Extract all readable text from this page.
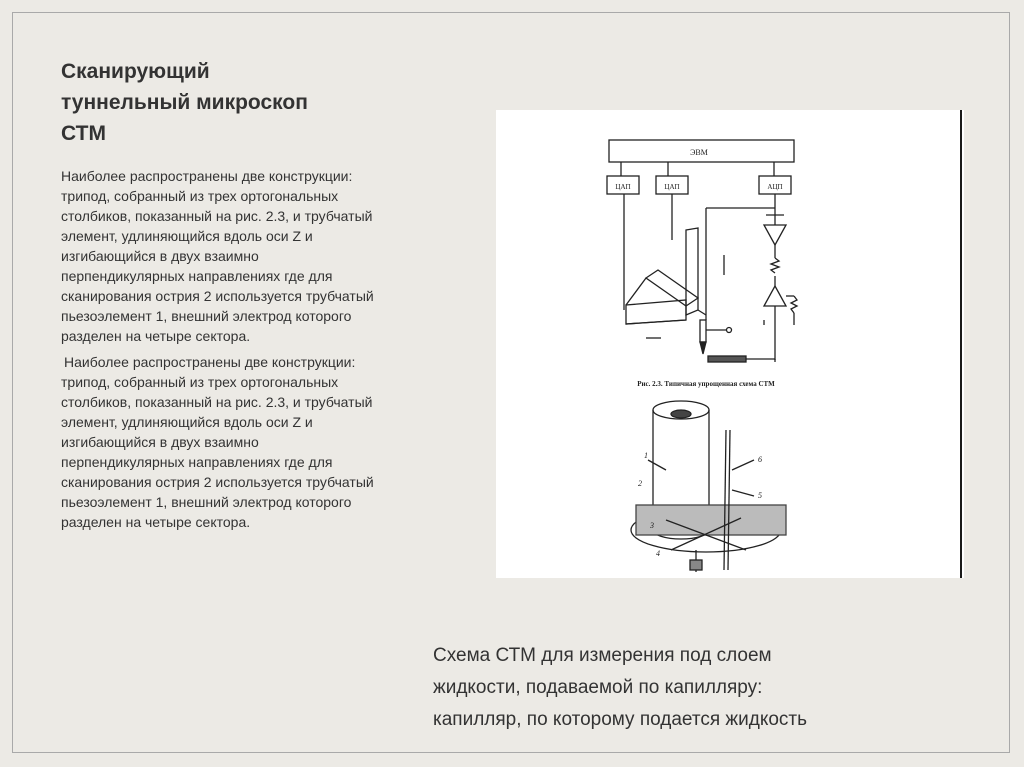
Сканирующий
туннельный микроскоп
СТМ

Наиболее распространены две конструкции: трипод, собранный из трех ортогональных столбиков, показанный на рис. 2.3, и трубчатый элемент, удлиняющийся вдоль оси Z и изгибающийся в двух взаимно перпендикулярных направлениях где для сканирования острия 2 используется трубчатый пьезоэлемент 1, внешний электрод которого разделен на четыре сектора.

Наиболее распространены две конструкции: трипод, собранный из трех ортогональных столбиков, показанный на рис. 2.3, и трубчатый элемент, удлиняющийся вдоль оси Z и изгибающийся в двух взаимно перпендикулярных направлениях где для сканирования острия 2 используется трубчатый пьезоэлемент 1, внешний электрод которого разделен на четыре сектора.

ЭВМ
ЦАП	ЦАП	АЦП
Рис. 2.3. Типичная упрощенная схема СТМ
1
2
3
4
5
6
Схема СТМ для измерения под слоем
жидкости, подаваемой по капилляру:
капилляр, по которому подается жидкость
